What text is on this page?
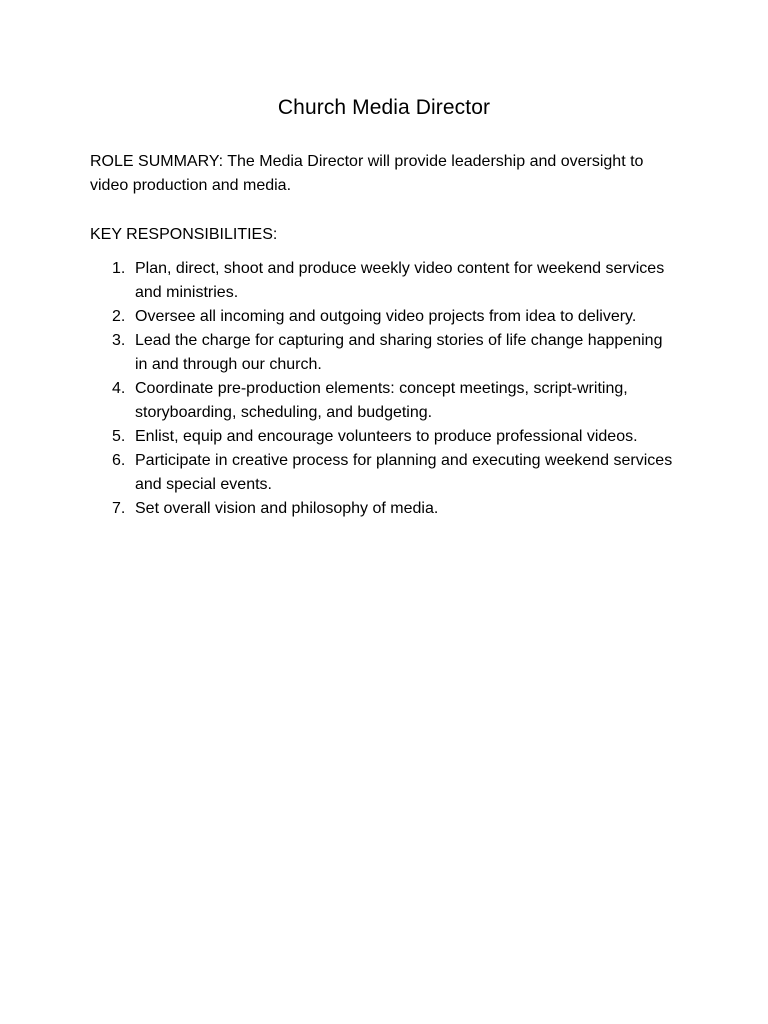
Church Media Director
ROLE SUMMARY: The Media Director will provide leadership and oversight to
video production and media.
KEY RESPONSIBILITIES:
1. Plan, direct, shoot and produce weekly video content for weekend services
and ministries.
2. Oversee all incoming and outgoing video projects from idea to delivery.
3. Lead the charge for capturing and sharing stories of life change happening
in and through our church.
4. Coordinate pre-production elements: concept meetings, script-writing,
storyboarding, scheduling, and budgeting.
5. Enlist, equip and encourage volunteers to produce professional videos.
6. Participate in creative process for planning and executing weekend services
and special events.
7. Set overall vision and philosophy of media.
